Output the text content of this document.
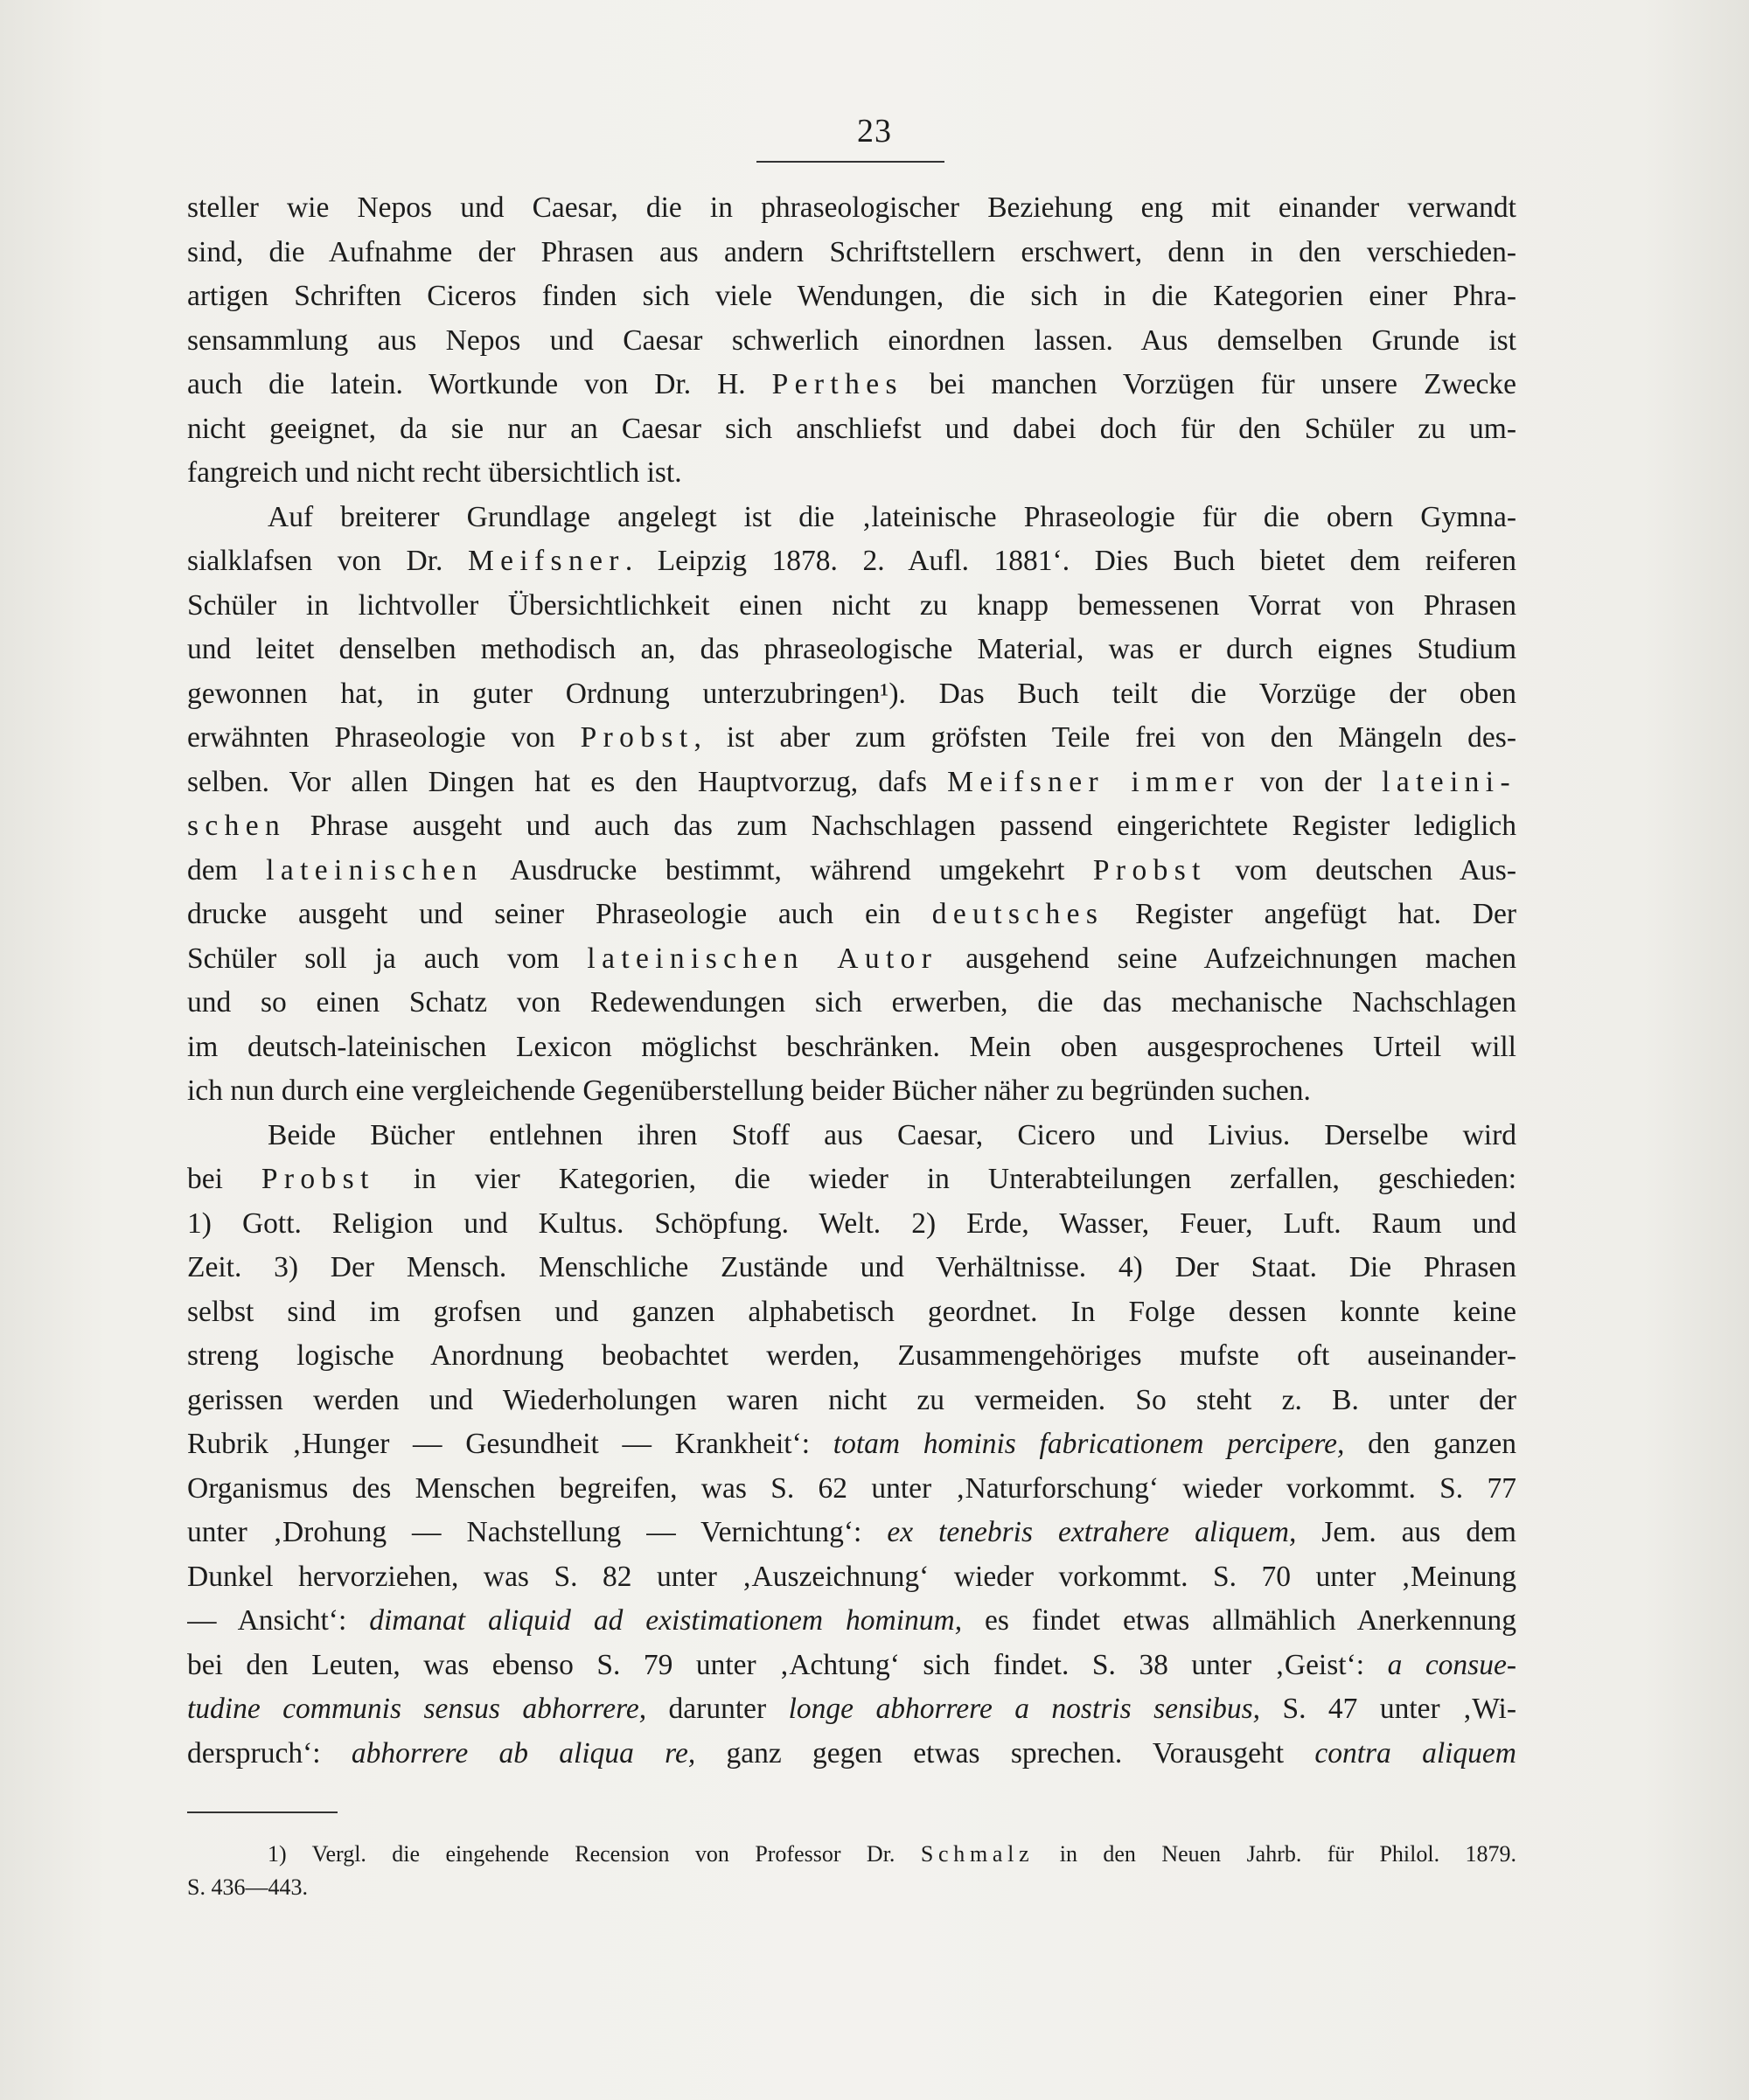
23
steller wie Nepos und Caesar, die in phraseologischer Beziehung eng mit einander verwandt
sind, die Aufnahme der Phrasen aus andern Schriftstellern erschwert, denn in den verschieden-
artigen Schriften Ciceros finden sich viele Wendungen, die sich in die Kategorien einer Phra-
sensammlung aus Nepos und Caesar schwerlich einordnen lassen. Aus demselben Grunde ist
auch die latein. Wortkunde von Dr. H. Perthes bei manchen Vorzügen für unsere Zwecke
nicht geeignet, da sie nur an Caesar sich anschliefst und dabei doch für den Schüler zu um-
fangreich und nicht recht übersichtlich ist.
Auf breiterer Grundlage angelegt ist die ‚lateinische Phraseologie für die obern Gymna-
sialklafsen von Dr. Meifsner. Leipzig 1878. 2. Aufl. 1881‘. Dies Buch bietet dem reiferen
Schüler in lichtvoller Übersichtlichkeit einen nicht zu knapp bemessenen Vorrat von Phrasen
und leitet denselben methodisch an, das phraseologische Material, was er durch eignes Studium
gewonnen hat, in guter Ordnung unterzubringen¹). Das Buch teilt die Vorzüge der oben
erwähnten Phraseologie von Probst, ist aber zum gröfsten Teile frei von den Mängeln des-
selben. Vor allen Dingen hat es den Hauptvorzug, dafs Meifsner immer von der lateini-
schen Phrase ausgeht und auch das zum Nachschlagen passend eingerichtete Register lediglich
dem lateinischen Ausdrucke bestimmt, während umgekehrt Probst vom deutschen Aus-
drucke ausgeht und seiner Phraseologie auch ein deutsches Register angefügt hat. Der
Schüler soll ja auch vom lateinischen Autor ausgehend seine Aufzeichnungen machen
und so einen Schatz von Redewendungen sich erwerben, die das mechanische Nachschlagen
im deutsch-lateinischen Lexicon möglichst beschränken. Mein oben ausgesprochenes Urteil will
ich nun durch eine vergleichende Gegenüberstellung beider Bücher näher zu begründen suchen.
Beide Bücher entlehnen ihren Stoff aus Caesar, Cicero und Livius. Derselbe wird
bei Probst in vier Kategorien, die wieder in Unterabteilungen zerfallen, geschieden:
1) Gott. Religion und Kultus. Schöpfung. Welt. 2) Erde, Wasser, Feuer, Luft. Raum und
Zeit. 3) Der Mensch. Menschliche Zustände und Verhältnisse. 4) Der Staat. Die Phrasen
selbst sind im grofsen und ganzen alphabetisch geordnet. In Folge dessen konnte keine
streng logische Anordnung beobachtet werden, Zusammengehöriges mufste oft auseinander-
gerissen werden und Wiederholungen waren nicht zu vermeiden. So steht z. B. unter der
Rubrik ‚Hunger — Gesundheit — Krankheit‘: totam hominis fabricationem percipere, den ganzen
Organismus des Menschen begreifen, was S. 62 unter ‚Naturforschung‘ wieder vorkommt. S. 77
unter ‚Drohung — Nachstellung — Vernichtung‘: ex tenebris extrahere aliquem, Jem. aus dem
Dunkel hervorziehen, was S. 82 unter ‚Auszeichnung‘ wieder vorkommt. S. 70 unter ‚Meinung
— Ansicht‘: dimanat aliquid ad existimationem hominum, es findet etwas allmählich Anerkennung
bei den Leuten, was ebenso S. 79 unter ‚Achtung‘ sich findet. S. 38 unter ‚Geist‘: a consue-
tudine communis sensus abhorrere, darunter longe abhorrere a nostris sensibus, S. 47 unter ‚Wi-
derspruch‘: abhorrere ab aliqua re, ganz gegen etwas sprechen. Vorausgeht contra aliquem
1) Vergl. die eingehende Recension von Professor Dr. Schmalz in den Neuen Jahrb. für Philol. 1879.
S. 436—443.
